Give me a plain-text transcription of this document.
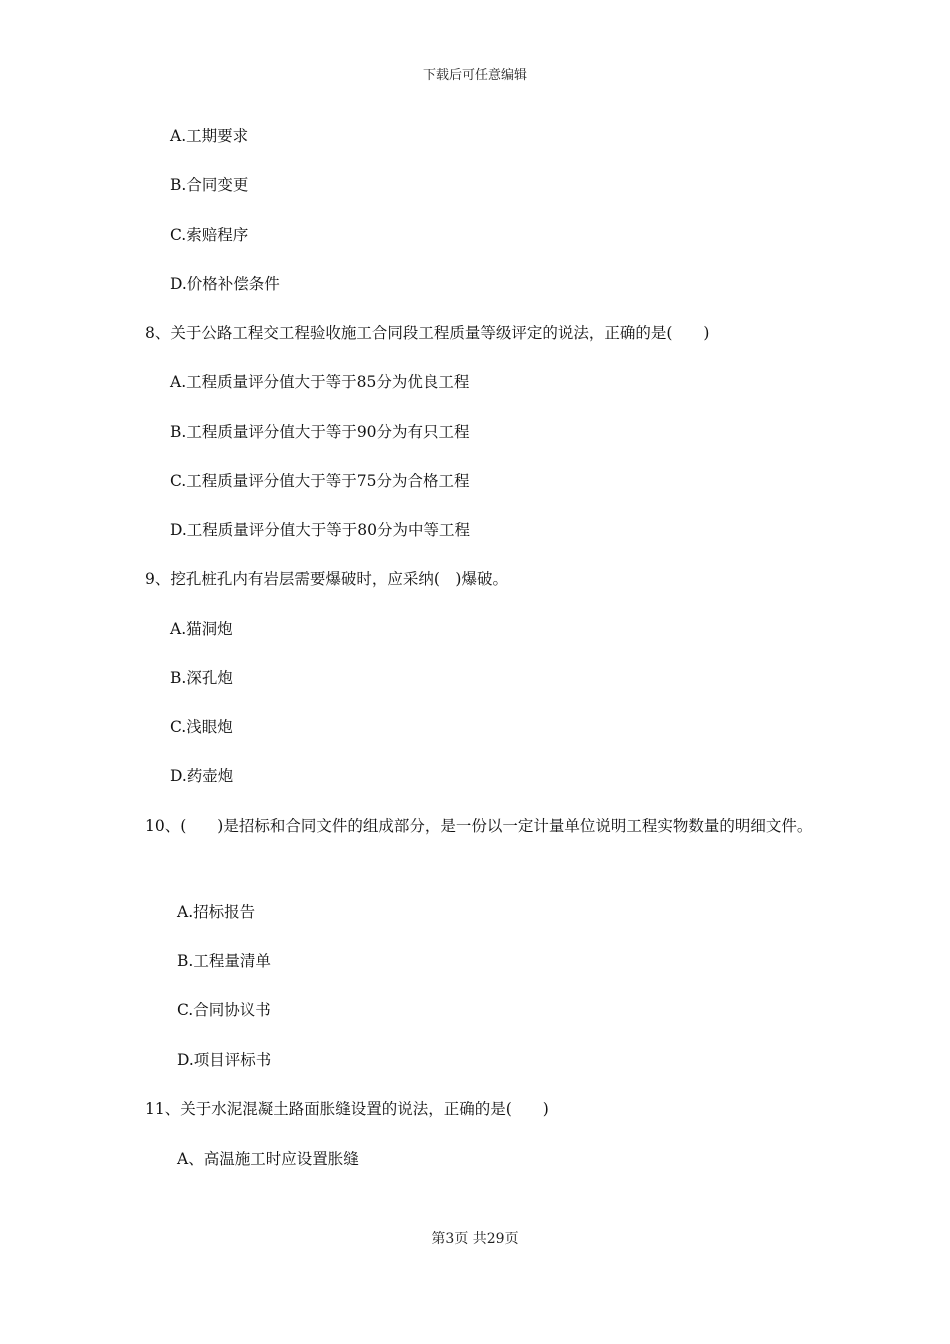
下载后可任意编辑
A.工期要求
B.合同变更
C.索赔程序
D.价格补偿条件
8、关于公路工程交工程验收施工合同段工程质量等级评定的说法，正确的是(　　)
A.工程质量评分值大于等于85分为优良工程
B.工程质量评分值大于等于90分为有只工程
C.工程质量评分值大于等于75分为合格工程
D.工程质量评分值大于等于80分为中等工程
9、挖孔桩孔内有岩层需要爆破时，应采纳(　)爆破。
A.猫洞炮
B.深孔炮
C.浅眼炮
D.药壶炮
10、(　　)是招标和合同文件的组成部分，是一份以一定计量单位说明工程实物数量的明细文件。
A.招标报告
B.工程量清单
C.合同协议书
D.项目评标书
11、关于水泥混凝土路面胀缝设置的说法，正确的是(　　)
A、高温施工时应设置胀缝
第3页 共29页
